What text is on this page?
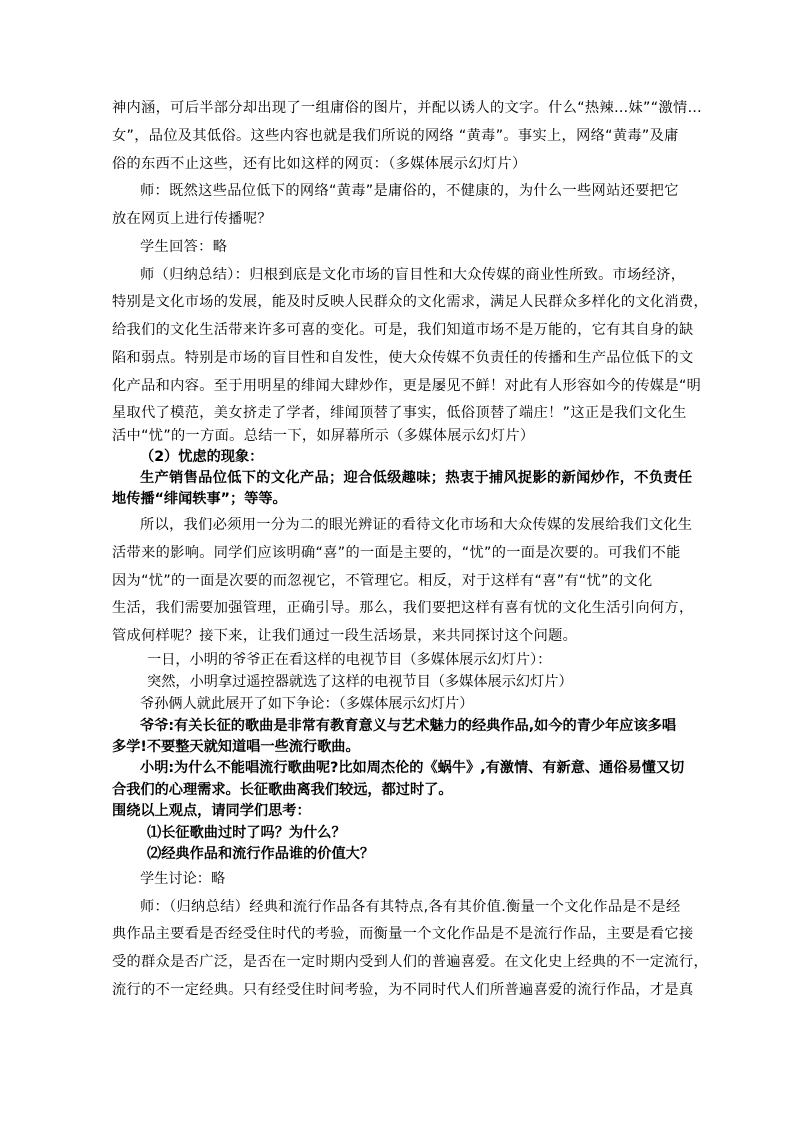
神内涵，可后半部分却出现了一组庸俗的图片，并配以诱人的文字。什么“热辣…妹”“激情…
女”，品位及其低俗。这些内容也就是我们所说的网络 “黄毒”。事实上，网络“黄毒”及庸
俗的东西不止这些，还有比如这样的网页：（多媒体展示幻灯片）
师：既然这些品位低下的网络“黄毒”是庸俗的，不健康的，为什么一些网站还要把它
放在网页上进行传播呢？
学生回答：略
师（归纳总结）：归根到底是文化市场的盲目性和大众传媒的商业性所致。市场经济，
特别是文化市场的发展，能及时反映人民群众的文化需求，满足人民群众多样化的文化消费，
给我们的文化生活带来许多可喜的变化。可是，我们知道市场不是万能的，它有其自身的缺
陷和弱点。特别是市场的盲目性和自发性，使大众传媒不负责任的传播和生产品位低下的文
化产品和内容。至于用明星的绯闻大肆炒作，更是屡见不鲜！对此有人形容如今的传媒是“明
星取代了模范，美女挤走了学者，绯闻顶替了事实，低俗顶替了端庄！”这正是我们文化生
活中“忧”的一方面。总结一下，如屏幕所示（多媒体展示幻灯片）
（2）忧虑的现象：
生产销售品位低下的文化产品；迎合低级趣味；热衷于捕风捉影的新闻炒作，不负责任
地传播“绯闻轶事”；等等。
所以，我们必须用一分为二的眼光辨证的看待文化市场和大众传媒的发展给我们文化生
活带来的影响。同学们应该明确“喜”的一面是主要的，“忧”的一面是次要的。可我们不能
因为“忧”的一面是次要的而忽视它，不管理它。相反，对于这样有“喜”有“忧”的文化
生活，我们需要加强管理，正确引导。那么，我们要把这样有喜有忧的文化生活引向何方，
管成何样呢？接下来，让我们通过一段生活场景，来共同探讨这个问题。
一日，小明的爷爷正在看这样的电视节目（多媒体展示幻灯片）：
突然，小明拿过遥控器就选了这样的电视节目（多媒体展示幻灯片）
爷孙俩人就此展开了如下争论：（多媒体展示幻灯片）
爷爷:有关长征的歌曲是非常有教育意义与艺术魅力的经典作品,如今的青少年应该多唱
多学!不要整天就知道唱一些流行歌曲。
小明:为什么不能唱流行歌曲呢?比如周杰伦的《蜗牛》,有激情、有新意、通俗易懂又切
合我们的心理需求。长征歌曲离我们较远，都过时了。
围绕以上观点，请同学们思考：
⑴长征歌曲过时了吗？为什么？
⑵经典作品和流行作品谁的价值大？
学生讨论：略
师：（归纳总结）经典和流行作品各有其特点,各有其价值.衡量一个文化作品是不是经
典作品主要看是否经受住时代的考验，而衡量一个文化作品是不是流行作品，主要是看它接
受的群众是否广泛，是否在一定时期内受到人们的普遍喜爱。在文化史上经典的不一定流行，
流行的不一定经典。只有经受住时间考验，为不同时代人们所普遍喜爱的流行作品，才是真
